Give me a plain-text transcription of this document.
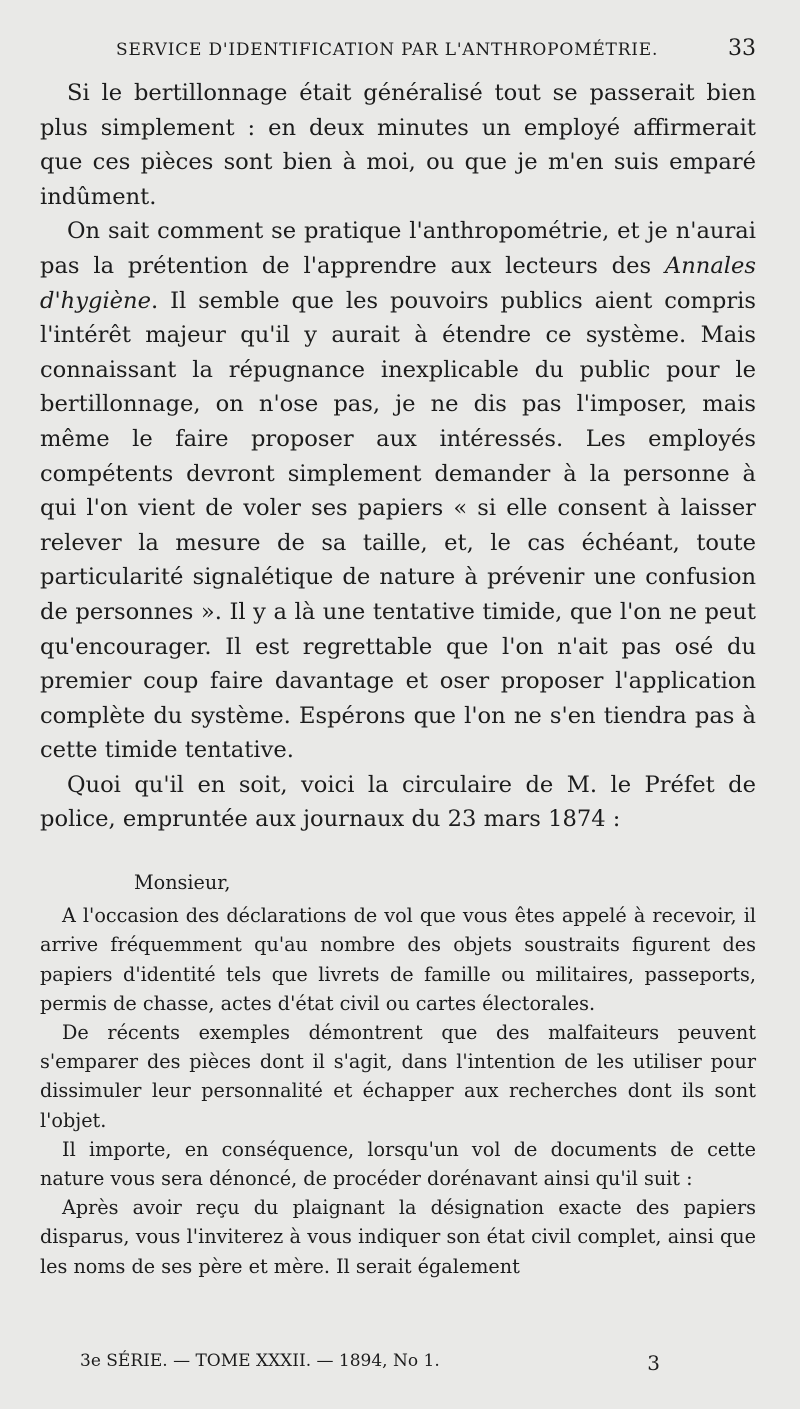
SERVICE D'IDENTIFICATION PAR L'ANTHROPOMÉTRIE.	33

Si le bertillonnage était généralisé tout se passerait bien plus simplement : en deux minutes un employé affirmerait que ces pièces sont bien à moi, ou que je m'en suis emparé indûment.

On sait comment se pratique l'anthropométrie, et je n'aurai pas la prétention de l'apprendre aux lecteurs des Annales d'hygiène. Il semble que les pouvoirs publics aient compris l'intérêt majeur qu'il y aurait à étendre ce système. Mais connaissant la répugnance inexplicable du public pour le bertillonnage, on n'ose pas, je ne dis pas l'imposer, mais même le faire proposer aux intéressés. Les employés compétents devront simplement demander à la personne à qui l'on vient de voler ses papiers « si elle consent à laisser relever la mesure de sa taille, et, le cas échéant, toute particularité signalétique de nature à prévenir une confusion de personnes ». Il y a là une tentative timide, que l'on ne peut qu'encourager. Il est regrettable que l'on n'ait pas osé du premier coup faire davantage et oser proposer l'application complète du système. Espérons que l'on ne s'en tiendra pas à cette timide tentative.

Quoi qu'il en soit, voici la circulaire de M. le Préfet de police, empruntée aux journaux du 23 mars 1874 :

Monsieur,

A l'occasion des déclarations de vol que vous êtes appelé à recevoir, il arrive fréquemment qu'au nombre des objets soustraits figurent des papiers d'identité tels que livrets de famille ou militaires, passeports, permis de chasse, actes d'état civil ou cartes électorales.

De récents exemples démontrent que des malfaiteurs peuvent s'emparer des pièces dont il s'agit, dans l'intention de les utiliser pour dissimuler leur personnalité et échapper aux recherches dont ils sont l'objet.

Il importe, en conséquence, lorsqu'un vol de documents de cette nature vous sera dénoncé, de procéder dorénavant ainsi qu'il suit :

Après avoir reçu du plaignant la désignation exacte des papiers disparus, vous l'inviterez à vous indiquer son état civil complet, ainsi que les noms de ses père et mère. Il serait également

3e SÉRIE. — TOME XXXII. — 1894, No 1.	3
